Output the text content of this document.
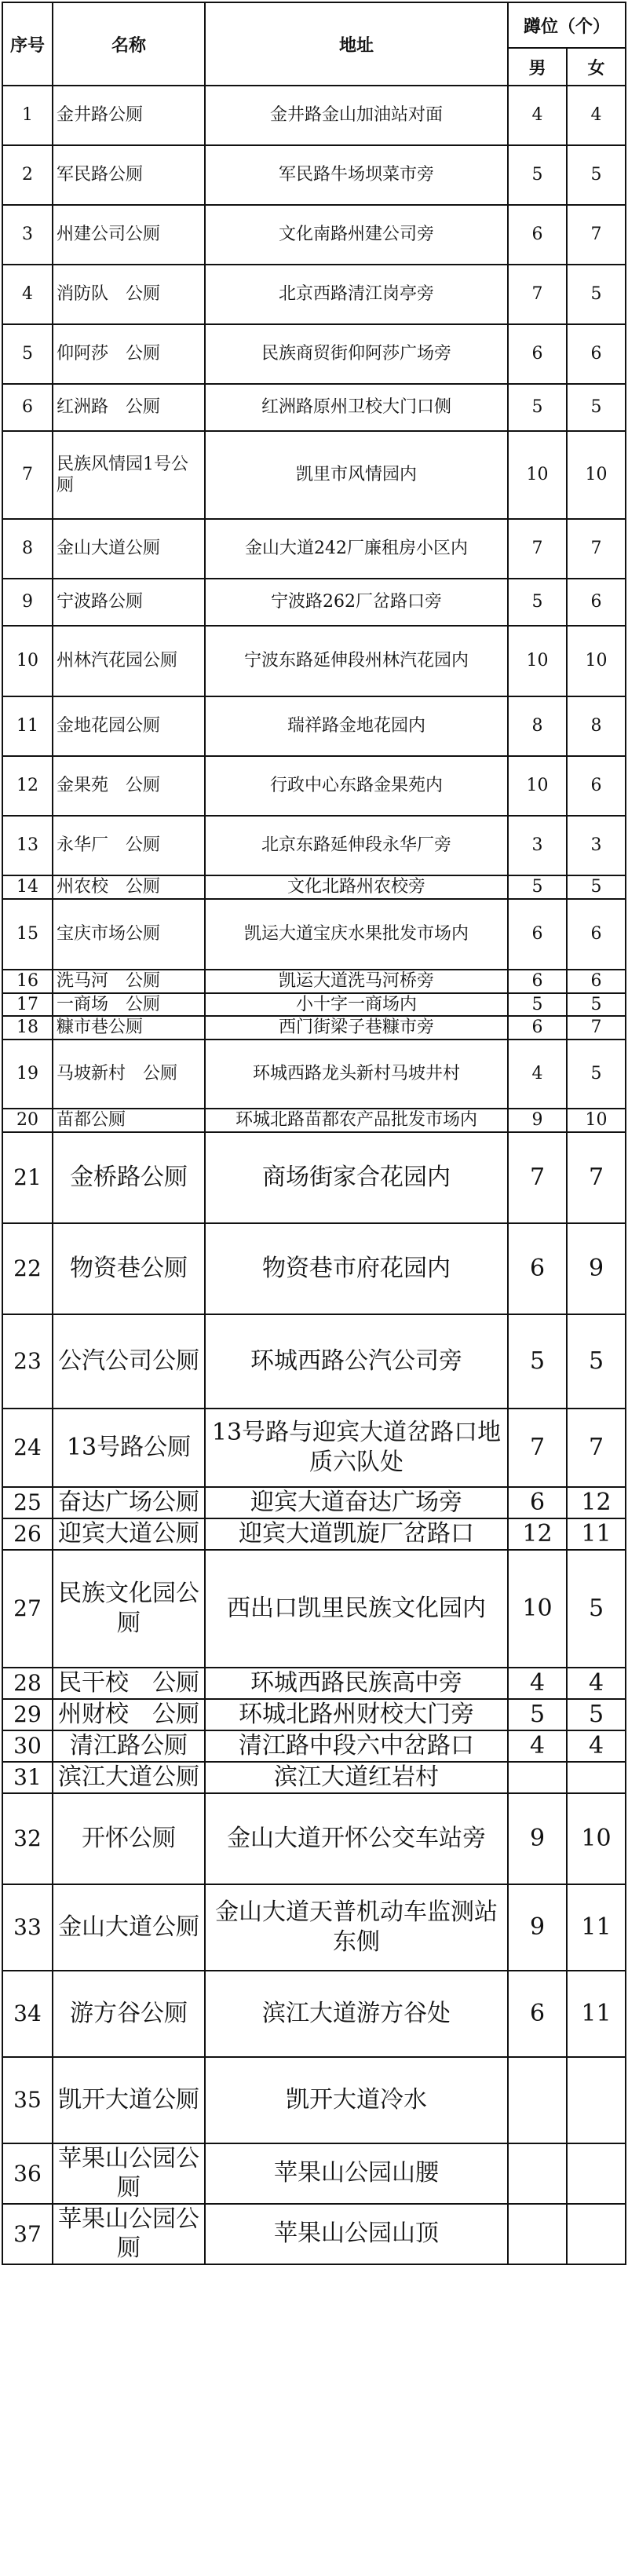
序号	名称	地址	蹲位（个）	
			男	女
1	金井路公厕	金井路金山加油站对面	4	4
2	军民路公厕	军民路牛场坝菜市旁	5	5
3	州建公司公厕	文化南路州建公司旁	6	7
4	消防队　公厕	北京西路清江岗亭旁	7	5
5	仰阿莎　公厕	民族商贸街仰阿莎广场旁	6	6
6	红洲路　公厕	红洲路原州卫校大门口侧	5	5
7	民族风情园1号公厕	凯里市风情园内	10	10
8	金山大道公厕	金山大道242厂廉租房小区内	7	7
9	宁波路公厕	宁波路262厂岔路口旁	5	6
10	州林汽花园公厕	宁波东路延伸段州林汽花园内	10	10
11	金地花园公厕	瑞祥路金地花园内	8	8
12	金果苑　公厕	行政中心东路金果苑内	10	6
13	永华厂　公厕	北京东路延伸段永华厂旁	3	3
14	州农校　公厕	文化北路州农校旁	5	5
15	宝庆市场公厕	凯运大道宝庆水果批发市场内	6	6
16	洗马河　公厕	凯运大道洗马河桥旁	6	6
17	一商场　公厕	小十字一商场内	5	5
18	糠市巷公厕	西门街梁子巷糠市旁	6	7
19	马坡新村　公厕	环城西路龙头新村马坡井村	4	5
20	苗都公厕	环城北路苗都农产品批发市场内	9	10
21	金桥路公厕	商场街家合花园内	7	7
22	物资巷公厕	物资巷市府花园内	6	9
23	公汽公司公厕	环城西路公汽公司旁	5	5
24	13号路公厕	13号路与迎宾大道岔路口地质六队处	7	7
25	奋达广场公厕	迎宾大道奋达广场旁	6	12
26	迎宾大道公厕	迎宾大道凯旋厂岔路口	12	11
27	民族文化园公厕	西出口凯里民族文化园内	10	5
28	民干校　公厕	环城西路民族高中旁	4	4
29	州财校　公厕	环城北路州财校大门旁	5	5
30	清江路公厕	清江路中段六中岔路口	4	4
31	滨江大道公厕	滨江大道红岩村		
32	开怀公厕	金山大道开怀公交车站旁	9	10
33	金山大道公厕	金山大道天普机动车监测站东侧	9	11
34	游方谷公厕	滨江大道游方谷处	6	11
35	凯开大道公厕	凯开大道冷水		
36	苹果山公园公厕	苹果山公园山腰		
37	苹果山公园公厕	苹果山公园山顶		
